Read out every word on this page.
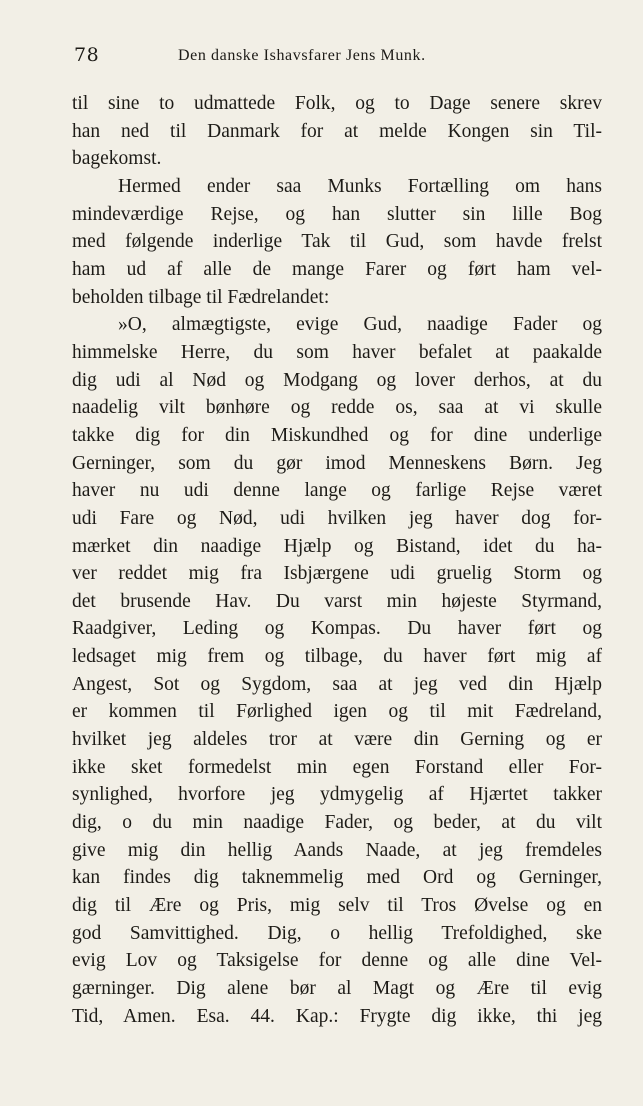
78	Den danske Ishavsfarer Jens Munk.
til sine to udmattede Folk, og to Dage senere skrev
han ned til Danmark for at melde Kongen sin Til-
bagekomst.
Hermed ender saa Munks Fortælling om hans
mindeværdige Rejse, og han slutter sin lille Bog
med følgende inderlige Tak til Gud, som havde frelst
ham ud af alle de mange Farer og ført ham vel-
beholden tilbage til Fædrelandet:
»O, almægtigste, evige Gud, naadige Fader og
himmelske Herre, du som haver befalet at paakalde
dig udi al Nød og Modgang og lover derhos, at du
naadelig vilt bønhøre og redde os, saa at vi skulle
takke dig for din Miskundhed og for dine underlige
Gerninger, som du gør imod Menneskens Børn. Jeg
haver nu udi denne lange og farlige Rejse været
udi Fare og Nød, udi hvilken jeg haver dog for-
mærket din naadige Hjælp og Bistand, idet du ha-
ver reddet mig fra Isbjærgene udi gruelig Storm og
det brusende Hav. Du varst min højeste Styrmand,
Raadgiver, Leding og Kompas. Du haver ført og
ledsaget mig frem og tilbage, du haver ført mig af
Angest, Sot og Sygdom, saa at jeg ved din Hjælp
er kommen til Førlighed igen og til mit Fædreland,
hvilket jeg aldeles tror at være din Gerning og er
ikke sket formedelst min egen Forstand eller For-
synlighed, hvorfore jeg ydmygelig af Hjærtet takker
dig, o du min naadige Fader, og beder, at du vilt
give mig din hellig Aands Naade, at jeg fremdeles
kan findes dig taknemmelig med Ord og Gerninger,
dig til Ære og Pris, mig selv til Tros Øvelse og en
god Samvittighed. Dig, o hellig Trefoldighed, ske
evig Lov og Taksigelse for denne og alle dine Vel-
gærninger. Dig alene bør al Magt og Ære til evig
Tid, Amen. Esa. 44. Kap.: Frygte dig ikke, thi jeg
